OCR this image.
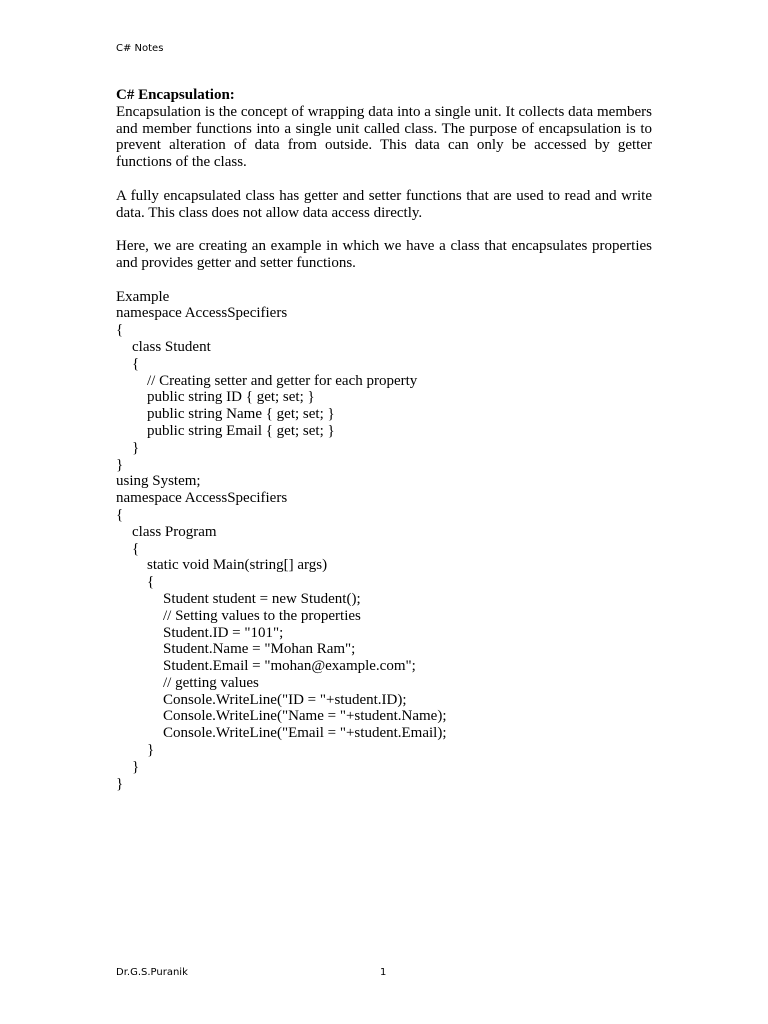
C# Notes

C# Encapsulation:

Encapsulation is the concept of wrapping data into a single unit. It collects data members and member functions into a single unit called class. The purpose of encapsulation is to prevent alteration of data from outside. This data can only be accessed by getter functions of the class.

A fully encapsulated class has getter and setter functions that are used to read and write data. This class does not allow data access directly.

Here, we are creating an example in which we have a class that encapsulates properties and provides getter and setter functions.

Example

namespace AccessSpecifiers

{

class Student

{

// Creating setter and getter for each property

public string ID { get; set; }

public string Name { get; set; }

public string Email { get; set; }

}

}

using System;

namespace AccessSpecifiers

{

class Program

{

static void Main(string[] args)

{

Student student = new Student();

// Setting values to the properties

Student.ID = "101";

Student.Name = "Mohan Ram";

Student.Email = "mohan@example.com";

// getting values

Console.WriteLine("ID = "+student.ID);

Console.WriteLine("Name = "+student.Name);

Console.WriteLine("Email = "+student.Email);

}

}

}

Dr.G.S.Puranik	1
